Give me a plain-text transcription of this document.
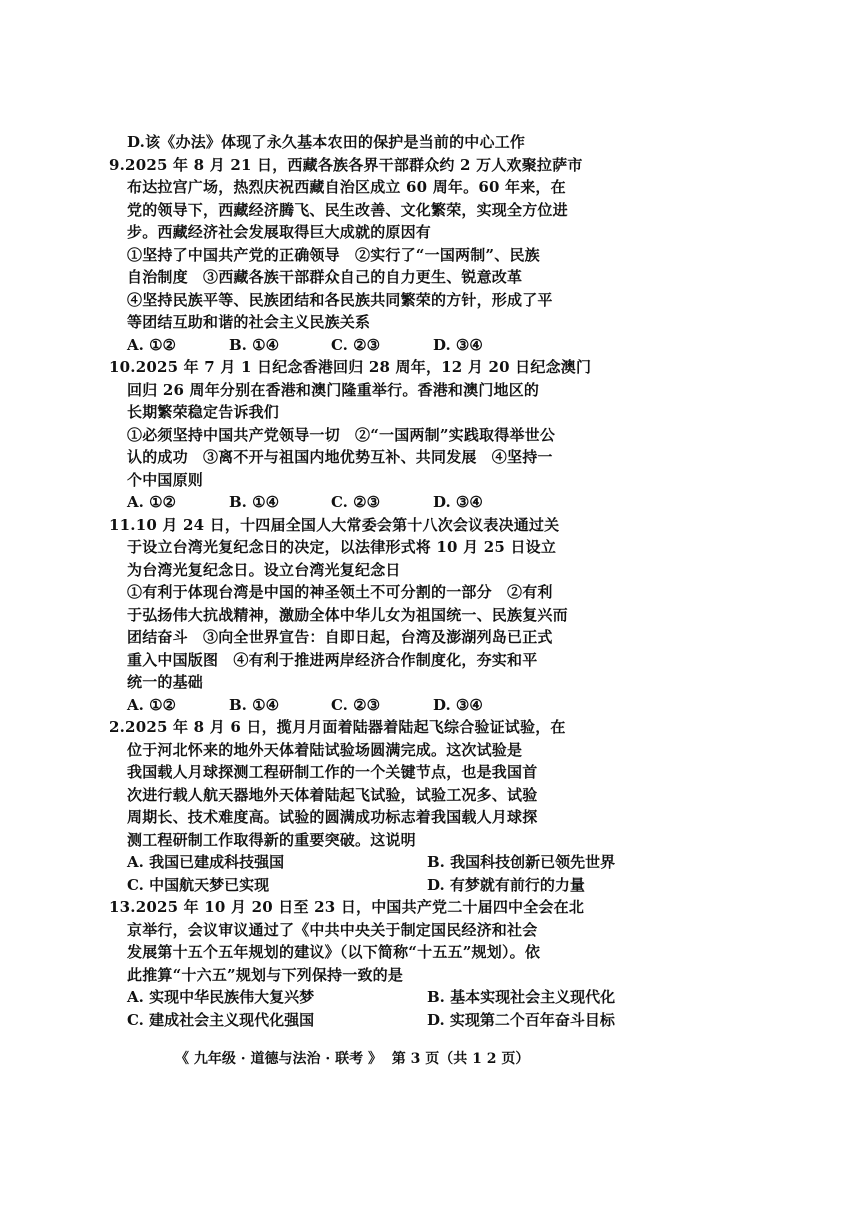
D.该《办法》体现了永久基本农田的保护是当前的中心工作
9.2025 年 8 月 21 日，西藏各族各界干部群众约 2 万人欢聚拉萨市
布达拉宫广场，热烈庆祝西藏自治区成立 60 周年。60 年来，在
党的领导下，西藏经济腾飞、民生改善、文化繁荣，实现全方位进
步。西藏经济社会发展取得巨大成就的原因有
①坚持了中国共产党的正确领导　②实行了“一国两制”、民族
自治制度　③西藏各族干部群众自己的自力更生、锐意改革
④坚持民族平等、民族团结和各民族共同繁荣的方针，形成了平
等团结互助和谐的社会主义民族关系
A. ①②	B. ①④	C. ②③	D. ③④
10.2025 年 7 月 1 日纪念香港回归 28 周年，12 月 20 日纪念澳门
回归 26 周年分别在香港和澳门隆重举行。香港和澳门地区的
长期繁荣稳定告诉我们
①必须坚持中国共产党领导一切　②“一国两制”实践取得举世公
认的成功　③离不开与祖国内地优势互补、共同发展　④坚持一
个中国原则
A. ①②	B. ①④	C. ②③	D. ③④
11.10 月 24 日，十四届全国人大常委会第十八次会议表决通过关
于设立台湾光复纪念日的决定，以法律形式将 10 月 25 日设立
为台湾光复纪念日。设立台湾光复纪念日
①有利于体现台湾是中国的神圣领土不可分割的一部分　②有利
于弘扬伟大抗战精神，激励全体中华儿女为祖国统一、民族复兴而
团结奋斗　③向全世界宣告：自即日起，台湾及澎湖列岛已正式
重入中国版图　④有利于推进两岸经济合作制度化，夯实和平
统一的基础
A. ①②	B. ①④	C. ②③	D. ③④
2.2025 年 8 月 6 日，揽月月面着陆器着陆起飞综合验证试验，在
位于河北怀来的地外天体着陆试验场圆满完成。这次试验是
我国载人月球探测工程研制工作的一个关键节点，也是我国首
次进行载人航天器地外天体着陆起飞试验，试验工况多、试验
周期长、技术难度高。试验的圆满成功标志着我国载人月球探
测工程研制工作取得新的重要突破。这说明
A. 我国已建成科技强国	B. 我国科技创新已领先世界
C. 中国航天梦已实现	D. 有梦就有前行的力量
13.2025 年 10 月 20 日至 23 日，中国共产党二十届四中全会在北
京举行，会议审议通过了《中共中央关于制定国民经济和社会
发展第十五个五年规划的建议》（以下简称“十五五”规划）。依
此推算“十六五”规划与下列保持一致的是
A. 实现中华民族伟大复兴梦	B. 基本实现社会主义现代化
C. 建成社会主义现代化强国	D. 实现第二个百年奋斗目标
《 九年级 · 道德与法治 · 联考 》  第 3 页（共 1 2 页）
